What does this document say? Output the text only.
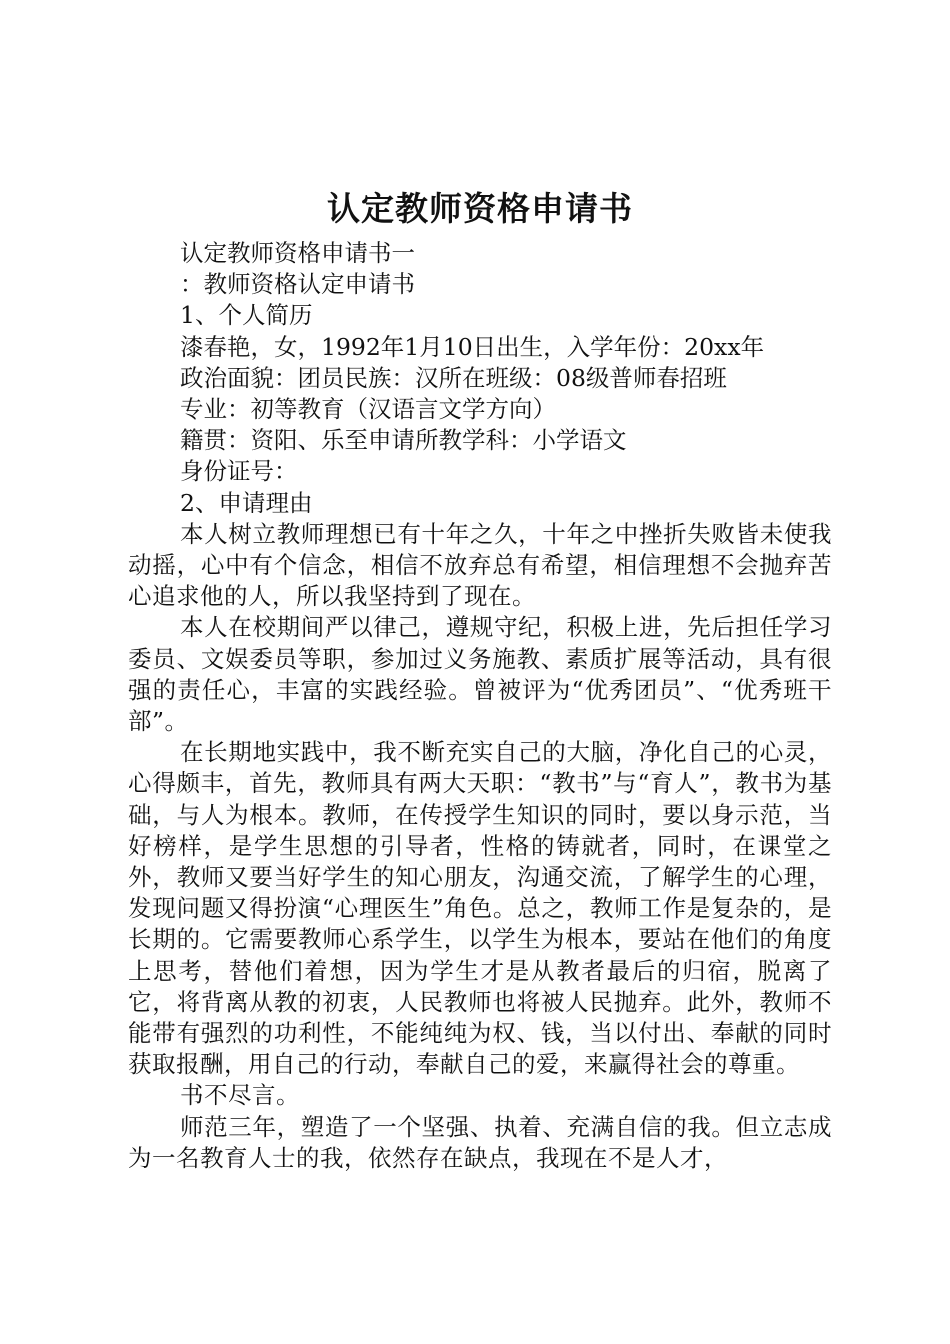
认定教师资格申请书

认定教师资格申请书一

：教师资格认定申请书

1、个人简历

漆春艳，女，1992年1月10日出生，入学年份：20xx年

政治面貌：团员民族：汉所在班级：08级普师春招班

专业：初等教育（汉语言文学方向）

籍贯：资阳、乐至申请所教学科：小学语文

身份证号：

2、申请理由

本人树立教师理想已有十年之久，十年之中挫折失败皆未使我动摇，心中有个信念，相信不放弃总有希望，相信理想不会抛弃苦心追求他的人，所以我坚持到了现在。

本人在校期间严以律己，遵规守纪，积极上进，先后担任学习委员、文娱委员等职，参加过义务施教、素质扩展等活动，具有很强的责任心，丰富的实践经验。曾被评为“优秀团员”、“优秀班干部”。

在长期地实践中，我不断充实自己的大脑，净化自己的心灵，心得颇丰，首先，教师具有两大天职：“教书”与“育人”，教书为基础，与人为根本。教师，在传授学生知识的同时，要以身示范，当好榜样，是学生思想的引导者，性格的铸就者，同时，在课堂之外，教师又要当好学生的知心朋友，沟通交流，了解学生的心理，发现问题又得扮演“心理医生”角色。总之，教师工作是复杂的，是长期的。它需要教师心系学生，以学生为根本，要站在他们的角度上思考，替他们着想，因为学生才是从教者最后的归宿，脱离了它，将背离从教的初衷，人民教师也将被人民抛弃。此外，教师不能带有强烈的功利性，不能纯纯为权、钱，当以付出、奉献的同时获取报酬，用自己的行动，奉献自己的爱，来赢得社会的尊重。

书不尽言。

师范三年，塑造了一个坚强、执着、充满自信的我。但立志成为一名教育人士的我，依然存在缺点，我现在不是人才，
